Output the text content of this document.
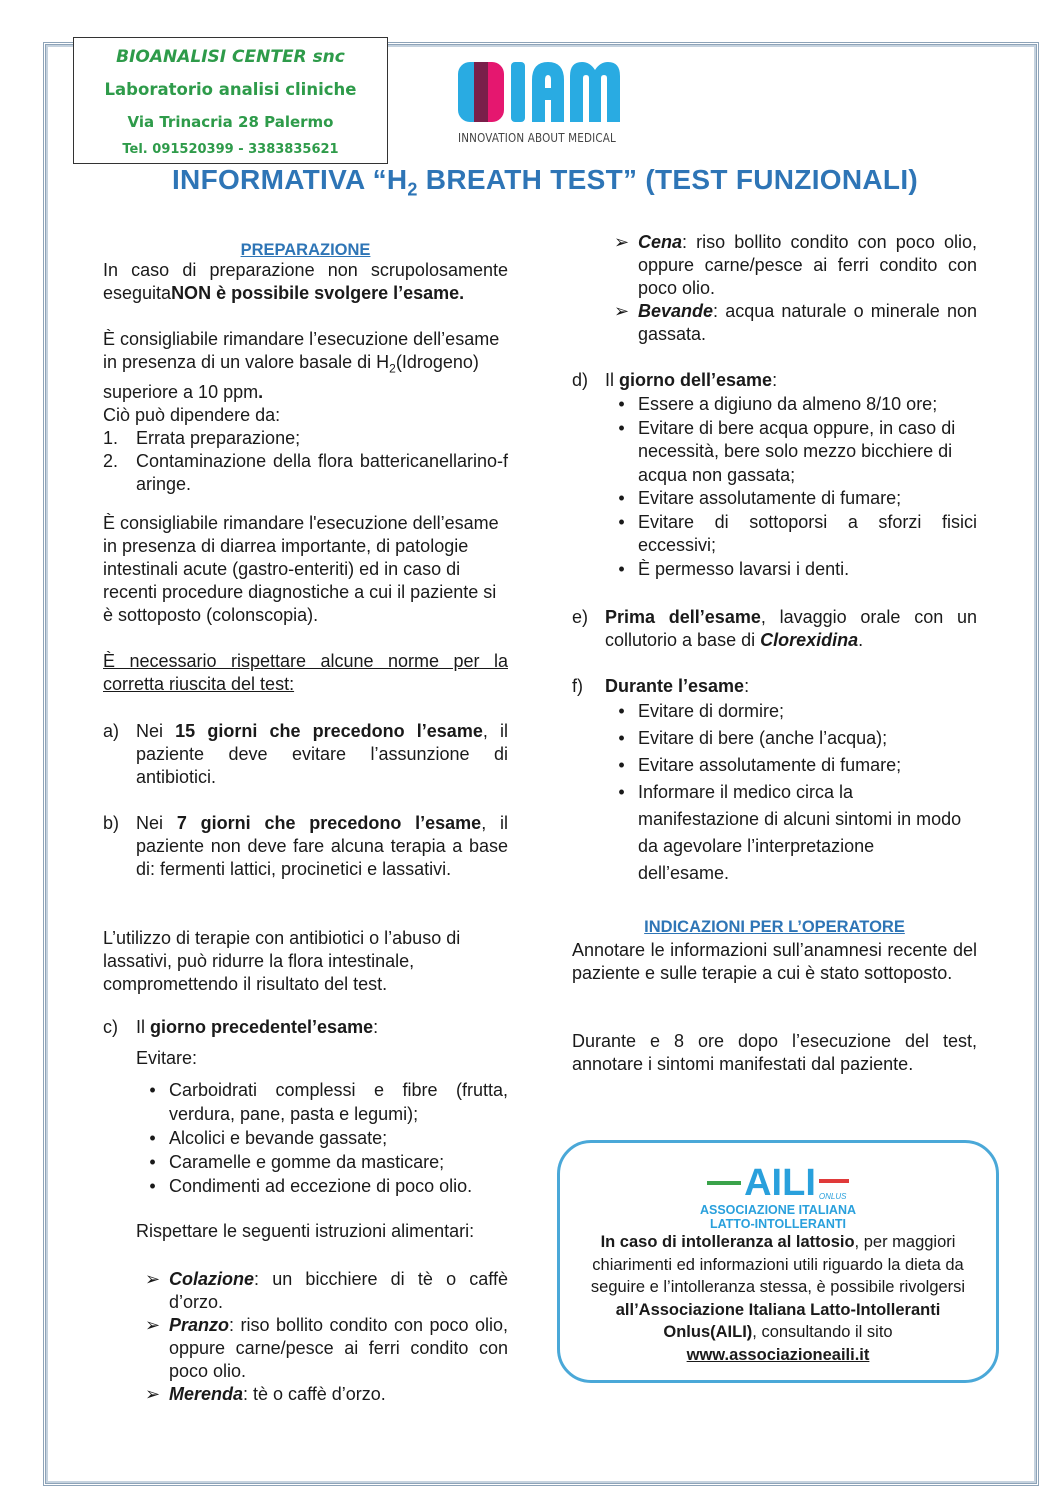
BIOANALISI CENTER snc
Laboratorio analisi cliniche
Via Trinacria 28 Palermo
Tel. 091520399 - 3383835621
INNOVATION ABOUT MEDICAL
INFORMATIVA “$H_2$ BREATH TEST” (TEST FUNZIONALI)
PREPARAZIONE
In caso di preparazione non scrupolosamente eseguitaNON è possibile svolgere l’esame.
È consigliabile rimandare l’esecuzione dell’esame in presenza di un valore basale di $H_2(Idrogeno)$ superiore a 10 ppm.
Ciò può dipendere da:
1. Errata preparazione;
2. Contaminazione della flora battericanellarino-faringe.
È consigliabile rimandare l'esecuzione dell’esame in presenza di diarrea importante, di patologie intestinali acute (gastro-enteriti) ed in caso di recenti procedure diagnostiche a cui il paziente si è sottoposto (colonscopia).
È necessario rispettare alcune norme per la corretta riuscita del test:
a) Nei 15 giorni che precedono l’esame, il paziente deve evitare l’assunzione di antibiotici.
b) Nei 7 giorni che precedono l’esame, il paziente non deve fare alcuna terapia a base di: fermenti lattici, procinetici e lassativi.
L’utilizzo di terapie con antibiotici o l’abuso di lassativi, può ridurre la flora intestinale, compromettendo il risultato del test.
c)	Il giorno precedentel’esame:
Evitare:
• Carboidrati complessi e fibre (frutta, verdura, pane, pasta e legumi);
• Alcolici e bevande gassate;
• Caramelle e gomme da masticare;
• Condimenti ad eccezione di poco olio.
Rispettare le seguenti istruzioni alimentari:
➢ Colazione: un bicchiere di tè o caffè d’orzo.
➢ Pranzo: riso bollito condito con poco olio, oppure carne/pesce ai ferri condito con poco olio.
➢ Merenda: tè o caffè d’orzo.
➢ Cena: riso bollito condito con poco olio, oppure carne/pesce ai ferri condito con poco olio.
➢ Bevande: acqua naturale o minerale non gassata.
d) Il giorno dell’esame:
• Essere a digiuno da almeno 8/10 ore;
• Evitare di bere acqua oppure, in caso di necessità, bere solo mezzo bicchiere di acqua non gassata;
• Evitare assolutamente di fumare;
• Evitare di sottoporsi a sforzi fisici eccessivi;
• È permesso lavarsi i denti.
e) Prima dell’esame, lavaggio orale con un collutorio a base di Clorexidina.
f)	Durante l’esame:
• Evitare di dormire;
• Evitare di bere (anche l’acqua);
• Evitare assolutamente di fumare;
• Informare il medico circa la manifestazione di alcuni sintomi in modo da agevolare l’interpretazione dell’esame.
INDICAZIONI PER L’OPERATORE
Annotare le informazioni sull’anamnesi recente del paziente e sulle terapie a cui è stato sottoposto.
Durante e 8 ore dopo l’esecuzione del test, annotare i sintomi manifestati dal paziente.
AILI ONLUS
ASSOCIAZIONE ITALIANA
LATTO-INTOLLERANTI
In caso di intolleranza al lattosio, per maggiori chiarimenti ed informazioni utili riguardo la dieta da seguire e l’intolleranza stessa, è possibile rivolgersi all’Associazione Italiana Latto-Intolleranti Onlus(AILI), consultando il sito
www.associazioneaili.it
